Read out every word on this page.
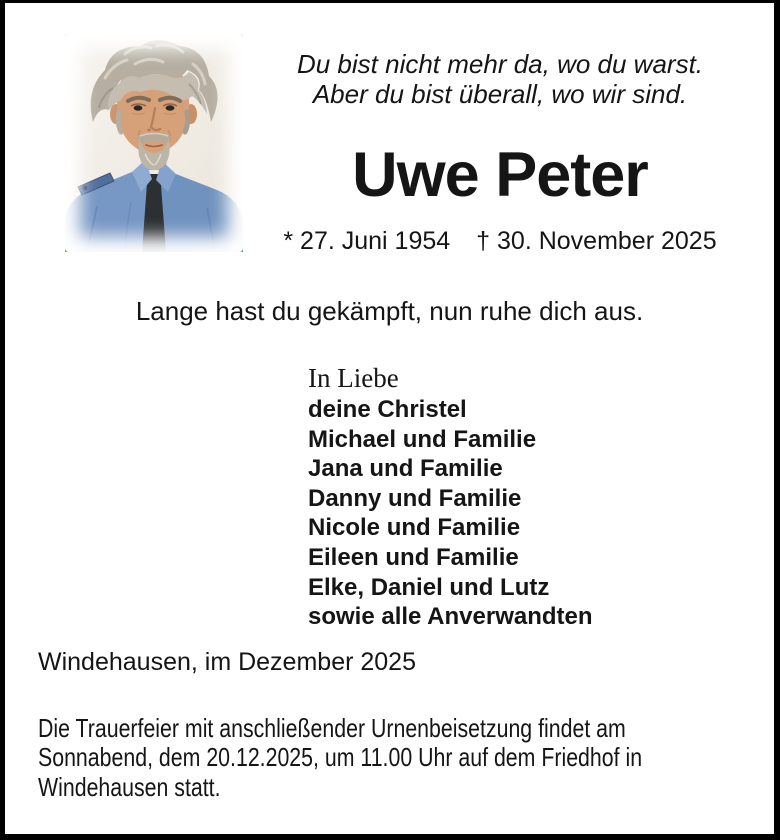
Du bist nicht mehr da, wo du warst.
Aber du bist überall, wo wir sind.
Uwe Peter
* 27. Juni 1954 † 30. November 2025
Lange hast du gekämpft, nun ruhe dich aus.
In Liebe
deine Christel
Michael und Familie
Jana und Familie
Danny und Familie
Nicole und Familie
Eileen und Familie
Elke, Daniel und Lutz
sowie alle Anverwandten
Windehausen, im Dezember 2025
Die Trauerfeier mit anschließender Urnenbeisetzung findet am
Sonnabend, dem 20.12.2025, um 11.00 Uhr auf dem Friedhof in
Windehausen statt.
